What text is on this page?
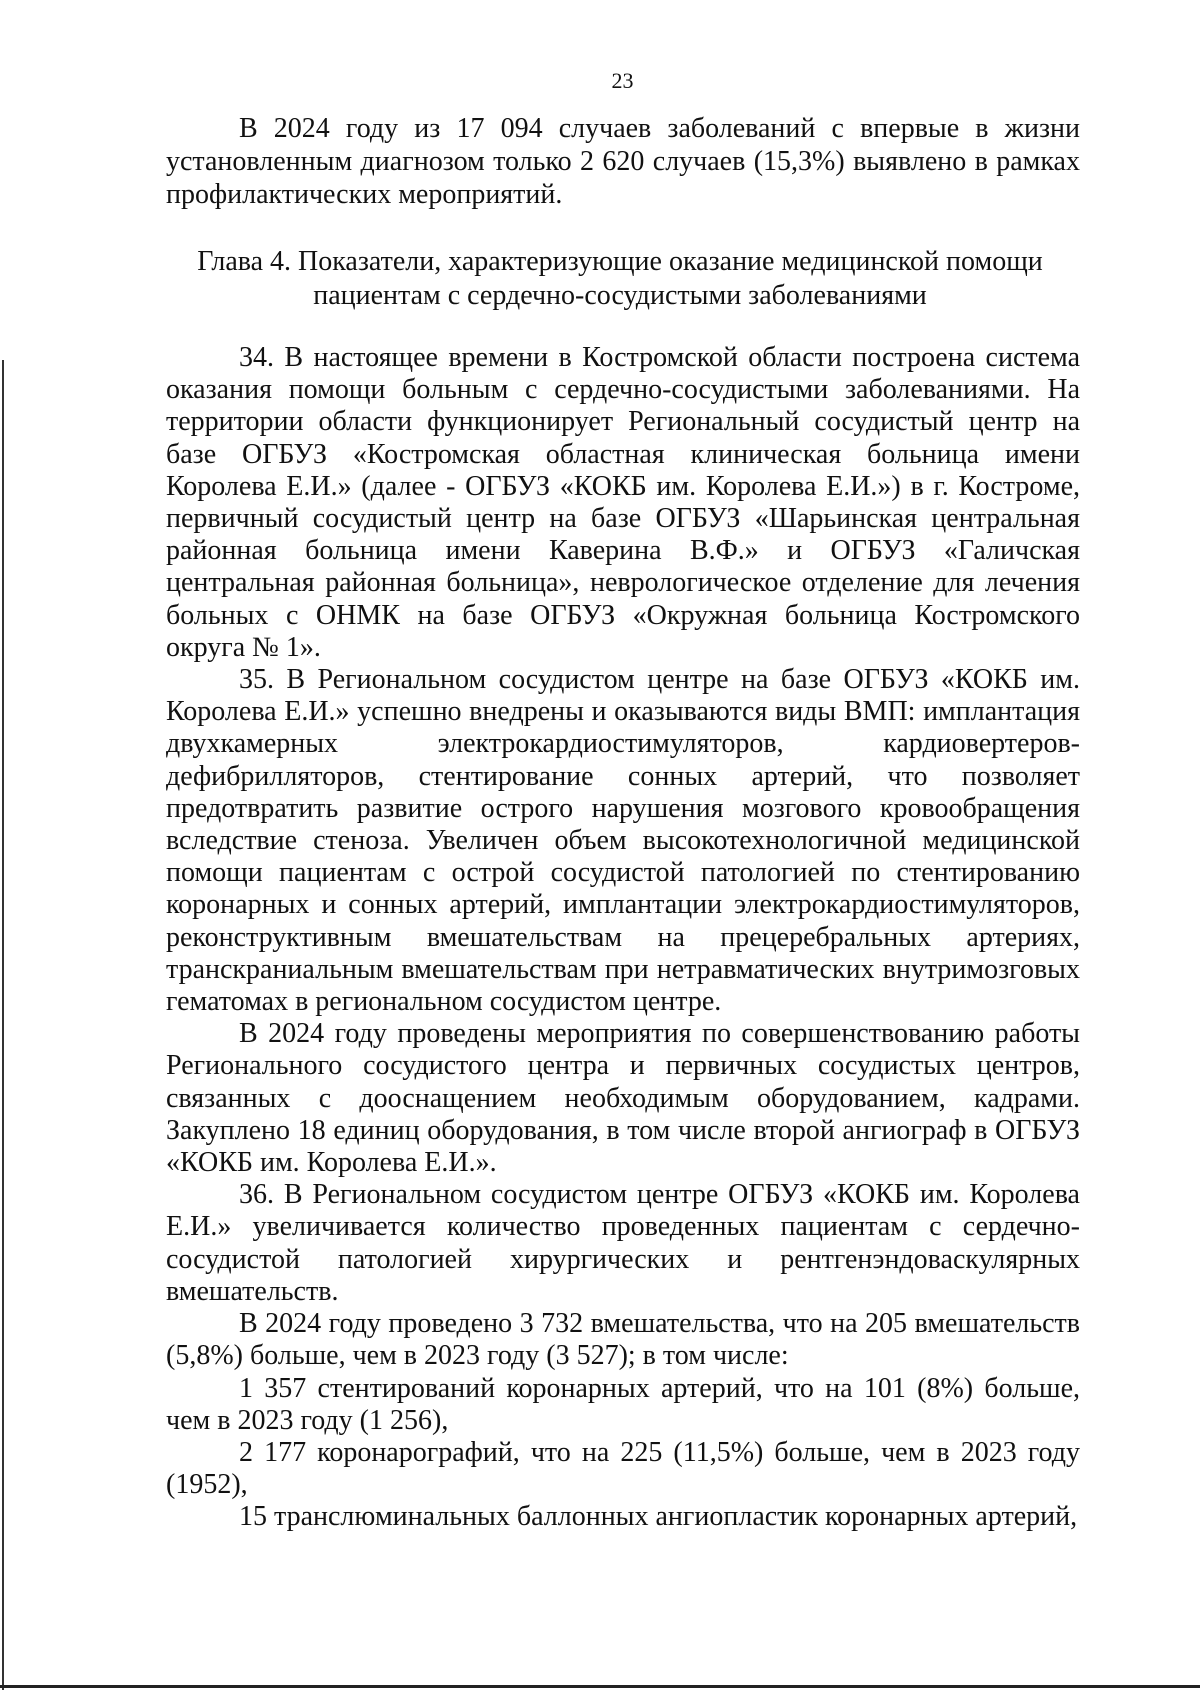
23

В 2024 году из 17 094 случаев заболеваний с впервые в жизни установленным диагнозом только 2 620 случаев (15,3%) выявлено в рамках профилактических мероприятий.

Глава 4. Показатели, характеризующие оказание медицинской помощи
пациентам с сердечно-сосудистыми заболеваниями

34. В настоящее времени в Костромской области построена система оказания помощи больным с сердечно-сосудистыми заболеваниями. На территории области функционирует Региональный сосудистый центр на базе ОГБУЗ «Костромская областная клиническая больница имени Королева Е.И.» (далее - ОГБУЗ «КОКБ им. Королева Е.И.») в г. Костроме, первичный сосудистый центр на базе ОГБУЗ «Шарьинская центральная районная больница имени Каверина В.Ф.» и ОГБУЗ «Галичская центральная районная больница», неврологическое отделение для лечения больных с ОНМК на базе ОГБУЗ «Окружная больница Костромского округа № 1».

35. В Региональном сосудистом центре на базе ОГБУЗ «КОКБ им. Королева Е.И.» успешно внедрены и оказываются виды ВМП: имплантация двухкамерных электрокардиостимуляторов, кардиовертеров-дефибрилляторов, стентирование сонных артерий, что позволяет предотвратить развитие острого нарушения мозгового кровообращения вследствие стеноза. Увеличен объем высокотехнологичной медицинской помощи пациентам с острой сосудистой патологией по стентированию коронарных и сонных артерий, имплантации электрокардиостимуляторов, реконструктивным вмешательствам на прецеребральных артериях, транскраниальным вмешательствам при нетравматических внутримозговых гематомах в региональном сосудистом центре.

В 2024 году проведены мероприятия по совершенствованию работы Регионального сосудистого центра и первичных сосудистых центров, связанных с дооснащением необходимым оборудованием, кадрами. Закуплено 18 единиц оборудования, в том числе второй ангиограф в ОГБУЗ «КОКБ им. Королева Е.И.».

36. В Региональном сосудистом центре ОГБУЗ «КОКБ им. Королева Е.И.» увеличивается количество проведенных пациентам с сердечно-сосудистой патологией хирургических и рентгенэндоваскулярных вмешательств.

В 2024 году проведено 3 732 вмешательства, что на 205 вмешательств (5,8%) больше, чем в 2023 году (3 527); в том числе:

1 357 стентирований коронарных артерий, что на 101 (8%) больше, чем в 2023 году (1 256),

2 177 коронарографий, что на 225 (11,5%) больше, чем в 2023 году (1952),

15 транслюминальных баллонных ангиопластик коронарных артерий,
